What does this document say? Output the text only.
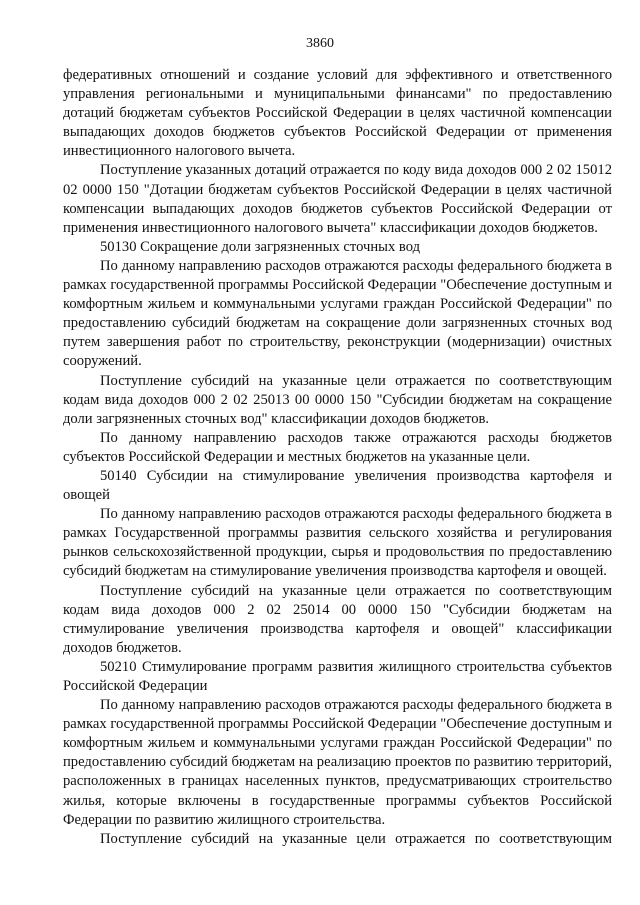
3860

федеративных отношений и создание условий для эффективного и ответственного управления региональными и муниципальными финансами" по предоставлению дотаций бюджетам субъектов Российской Федерации в целях частичной компенсации выпадающих доходов бюджетов субъектов Российской Федерации от применения инвестиционного налогового вычета.

Поступление указанных дотаций отражается по коду вида доходов 000 2 02 15012 02 0000 150 "Дотации бюджетам субъектов Российской Федерации в целях частичной компенсации выпадающих доходов бюджетов субъектов Российской Федерации от применения инвестиционного налогового вычета" классификации доходов бюджетов.

50130 Сокращение доли загрязненных сточных вод

По данному направлению расходов отражаются расходы федерального бюджета в рамках государственной программы Российской Федерации "Обеспечение доступным и комфортным жильем и коммунальными услугами граждан Российской Федерации" по предоставлению субсидий бюджетам на сокращение доли загрязненных сточных вод путем завершения работ по строительству, реконструкции (модернизации) очистных сооружений.

Поступление субсидий на указанные цели отражается по соответствующим кодам вида доходов 000 2 02 25013 00 0000 150 "Субсидии бюджетам на сокращение доли загрязненных сточных вод" классификации доходов бюджетов.

По данному направлению расходов также отражаются расходы бюджетов субъектов Российской Федерации и местных бюджетов на указанные цели.

50140 Субсидии на стимулирование увеличения производства картофеля и овощей

По данному направлению расходов отражаются расходы федерального бюджета в рамках Государственной программы развития сельского хозяйства и регулирования рынков сельскохозяйственной продукции, сырья и продовольствия по предоставлению субсидий бюджетам на стимулирование увеличения производства картофеля и овощей.

Поступление субсидий на указанные цели отражается по соответствующим кодам вида доходов 000 2 02 25014 00 0000 150 "Субсидии бюджетам на стимулирование увеличения производства картофеля и овощей" классификации доходов бюджетов.

50210 Стимулирование программ развития жилищного строительства субъектов Российской Федерации

По данному направлению расходов отражаются расходы федерального бюджета в рамках государственной программы Российской Федерации "Обеспечение доступным и комфортным жильем и коммунальными услугами граждан Российской Федерации" по предоставлению субсидий бюджетам на реализацию проектов по развитию территорий, расположенных в границах населенных пунктов, предусматривающих строительство жилья, которые включены в государственные программы субъектов Российской Федерации по развитию жилищного строительства.

Поступление субсидий на указанные цели отражается по соответствующим
